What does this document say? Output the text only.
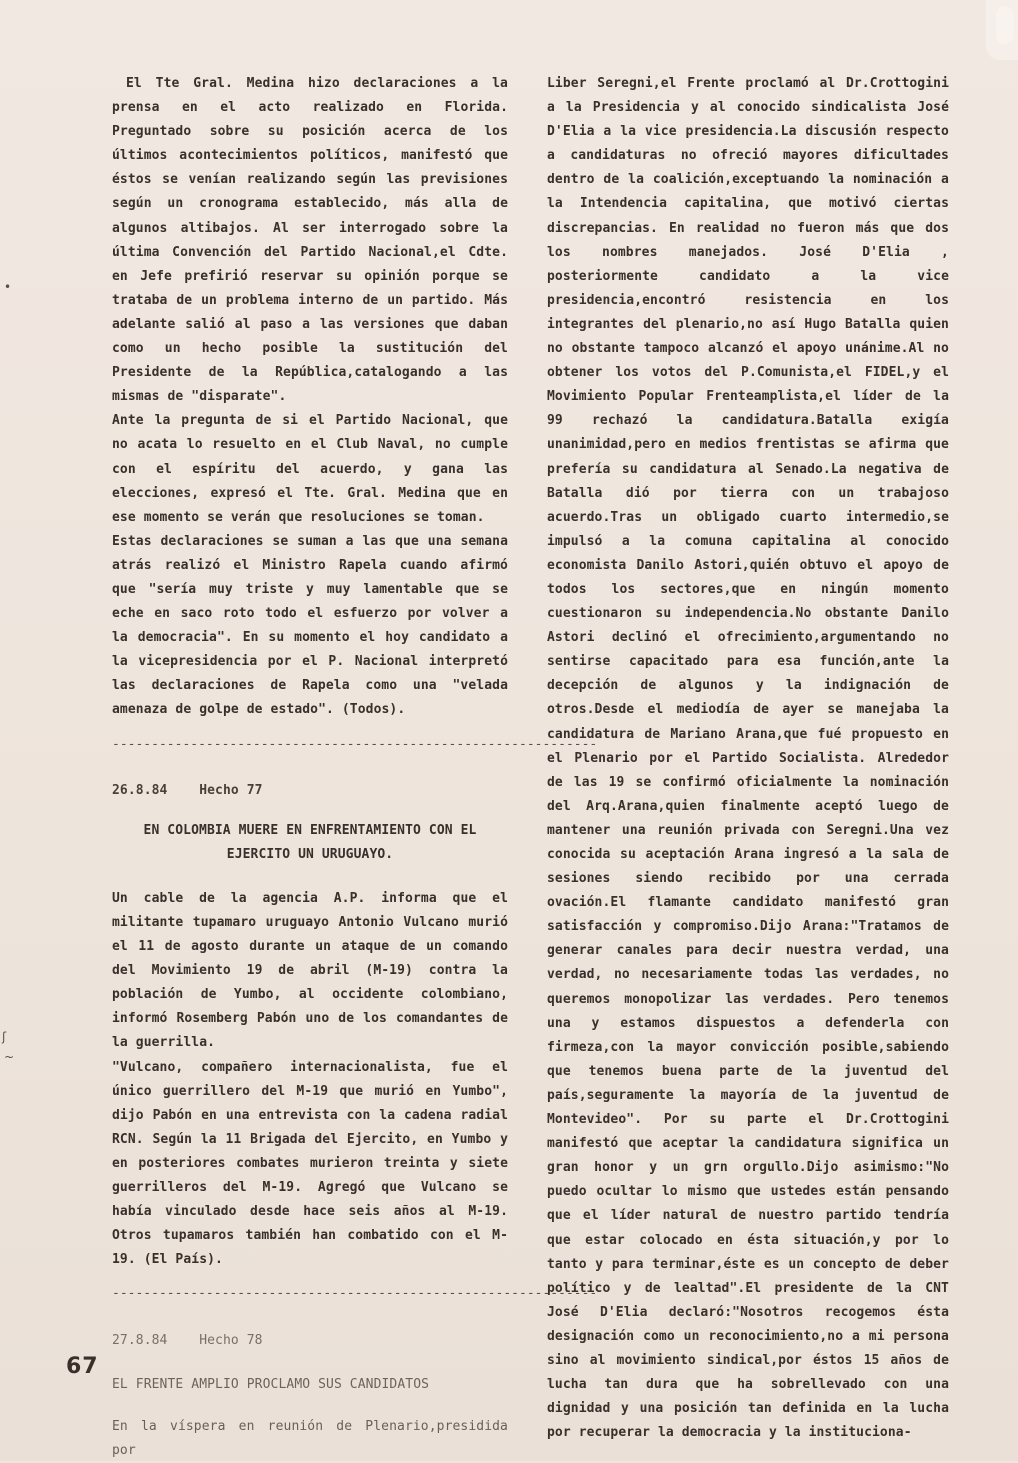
•
ʃ
~

El Tte Gral. Medina hizo declaraciones a la prensa en el acto realizado en Florida. Preguntado sobre su posición acerca de los últimos acontecimientos políticos, manifestó que éstos se venían realizando según las previsiones según un cronograma establecido, más alla de algunos altibajos. Al ser interrogado sobre la última Convención del Partido Nacional,el Cdte. en Jefe prefirió reservar su opinión porque se trataba de un problema interno de un partido. Más adelante salió al paso a las versiones que daban como un hecho posible la sustitución del Presidente de la República,catalogando a las mismas de "disparate".

Ante la pregunta de si el Partido Nacional, que no acata lo resuelto en el Club Naval, no cumple con el espíritu del acuerdo, y gana las elecciones, expresó el Tte. Gral. Medina que en ese momento se verán que resoluciones se toman.

Estas declaraciones se suman a las que una semana atrás realizó el Ministro Rapela cuando afirmó que "sería muy triste y muy lamentable que se eche en saco roto todo el esfuerzo por volver a la democracia". En su momento el hoy candidato a la vicepresidencia por el P. Nacional interpretó las declaraciones de Rapela como una "velada amenaza de golpe de estado". (Todos).

--------------------------------------------------------------
26.8.84    Hecho 77
EN COLOMBIA MUERE EN ENFRENTAMIENTO CON EL EJERCITO UN URUGUAYO.

Un cable de la agencia A.P. informa que el militante tupamaro uruguayo Antonio Vulcano murió el 11 de agosto durante un ataque de un comando del Movimiento 19 de abril (M-19) contra la población de Yumbo, al occidente colombiano, informó Rosemberg Pabón uno de los comandantes de la guerrilla.

"Vulcano, compañero internacionalista, fue el único guerrillero del M-19 que murió en Yumbo", dijo Pabón en una entrevista con la cadena radial RCN. Según la 11 Brigada del Ejercito, en Yumbo y en posteriores combates murieron treinta y siete guerrilleros del M-19. Agregó que Vulcano se había vinculado desde hace seis años al M-19. Otros tupamaros también han combatido con el M-19. (El País).

--------------------------------------------------------------
27.8.84    Hecho 78
EL FRENTE AMPLIO PROCLAMO SUS CANDIDATOS

En la víspera en reunión de Plenario,presidida por

Liber Seregni,el Frente proclamó al Dr.Crottogini a la Presidencia y al conocido sindicalista José D'Elia a la vice presidencia.La discusión respecto a candidaturas no ofreció mayores dificultades dentro de la coalición,exceptuando la nominación a la Intendencia capitalina, que motivó ciertas discrepancias. En realidad no fueron más que dos los nombres manejados. José D'Elia , posteriormente candidato a la vice presidencia,encontró resistencia en los integrantes del plenario,no así Hugo Batalla quien no obstante tampoco alcanzó el apoyo unánime.Al no obtener los votos del P.Comunista,el FIDEL,y el Movimiento Popular Frenteamplista,el líder de la 99 rechazó la candidatura.Batalla exigía unanimidad,pero en medios frentistas se afirma que prefería su candidatura al Senado.La negativa de Batalla dió por tierra con un trabajoso acuerdo.Tras un obligado cuarto intermedio,se impulsó a la comuna capitalina al conocido economista Danilo Astori,quién obtuvo el apoyo de todos los sectores,que en ningún momento cuestionaron su independencia.No obstante Danilo Astori declinó el ofrecimiento,argumentando no sentirse capacitado para esa función,ante la decepción de algunos y la indignación de otros.Desde el mediodía de ayer se manejaba la candidatura de Mariano Arana,que fué propuesto en el Plenario por el Partido Socialista. Alrededor de las 19 se confirmó oficialmente la nominación del Arq.Arana,quien finalmente aceptó luego de mantener una reunión privada con Seregni.Una vez conocida su aceptación Arana ingresó a la sala de sesiones siendo recibido por una cerrada ovación.El flamante candidato manifestó gran satisfacción y compromiso.Dijo Arana:"Tratamos de generar canales para decir nuestra verdad, una verdad, no necesariamente todas las verdades, no queremos monopolizar las verdades. Pero tenemos una y estamos dispuestos a defenderla con firmeza,con la mayor convicción posible,sabiendo que tenemos buena parte de la juventud del país,seguramente la mayoría de la juventud de Montevideo". Por su parte el Dr.Crottogini manifestó que aceptar la candidatura significa un gran honor y un grn orgullo.Dijo asimismo:"No puedo ocultar lo mismo que ustedes están pensando que el líder natural de nuestro partido tendría que estar colocado en ésta situación,y por lo tanto y para terminar,éste es un concepto de deber político y de lealtad".El presidente de la CNT José D'Elia declaró:"Nosotros recogemos ésta designación como un reconocimiento,no a mi persona sino al movimiento sindical,por éstos 15 años de lucha tan dura que ha sobrellevado con una dignidad y una posición tan definida en la lucha por recuperar la democracia y la instituciona-

67
